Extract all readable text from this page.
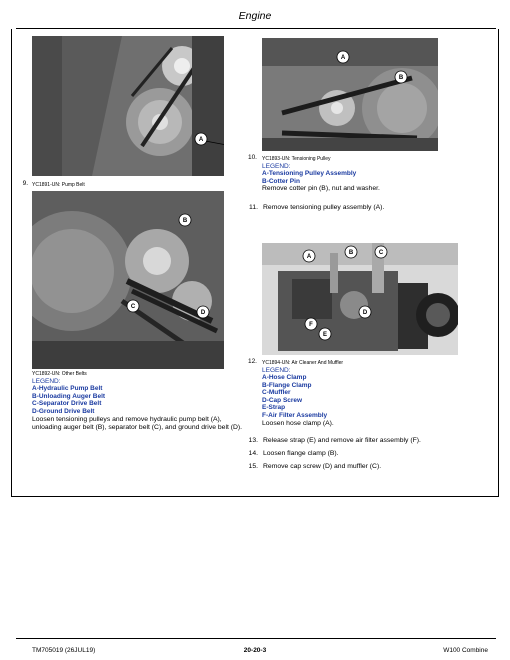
Engine
A
9. YC1891-UN: Pump Belt
B
C
D
YC1892-UN: Other Belts
LEGEND:
A-Hydraulic Pump Belt
B-Unloading Auger Belt
C-Separator Drive Belt
D-Ground Drive Belt
Loosen tensioning pulleys and remove hydraulic pump belt (A), unloading auger belt (B), separator belt (C), and ground drive belt (D).
A
B
10. YC1893-UN: Tensioning Pulley
LEGEND:
A-Tensioning Pulley Assembly
B-Cotter Pin
Remove cotter pin (B), nut and washer.
11. Remove tensioning pulley assembly (A).
A
B	C
D
E
F
12. YC1894-UN: Air Cleaner And Muffler
LEGEND:
A-Hose Clamp
B-Flange Clamp
C-Muffler
D-Cap Screw
E-Strap
F-Air Filter Assembly
Loosen hose clamp (A).
13. Release strap (E) and remove air filter assembly (F).
14. Loosen flange clamp (B).
15. Remove cap screw (D) and muffler (C).
TM705019 (26JUL19)	20-20-3	W100 Combine
